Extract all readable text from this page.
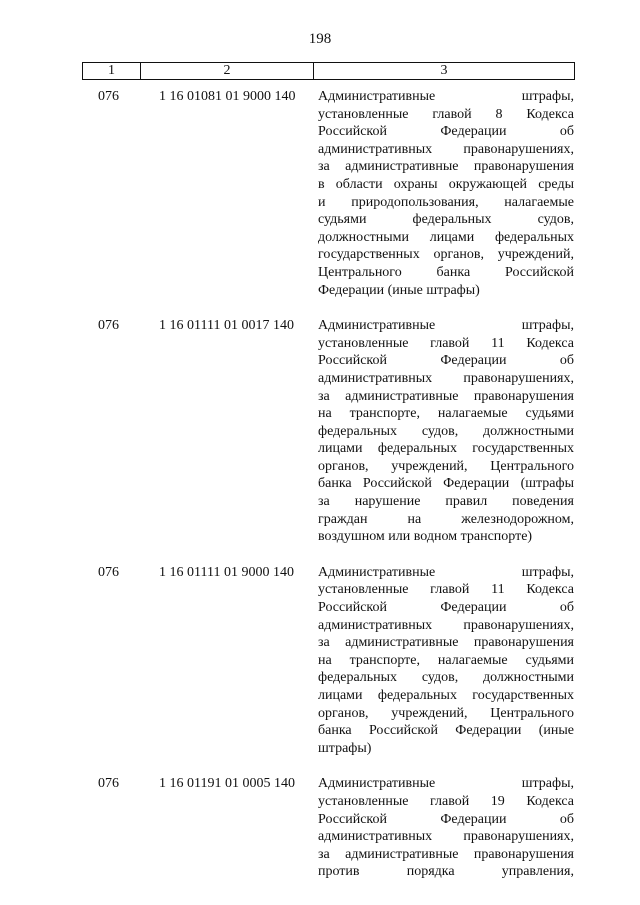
198
1	2	3
076	1 16 01081 01 9000 140 Административные штрафы,
установленные главой 8 Кодекса
Российской Федерации об
административных правонарушениях,
за административные правонарушения
в области охраны окружающей среды
и природопользования, налагаемые
судьями федеральных судов,
должностными лицами федеральных
государственных органов, учреждений,
Центрального банка Российской
Федерации (иные штрафы)
076	1 16 01111 01 0017 140 Административные штрафы,
установленные главой 11 Кодекса
Российской Федерации об
административных правонарушениях,
за административные правонарушения
на транспорте, налагаемые судьями
федеральных судов, должностными
лицами федеральных государственных
органов, учреждений, Центрального
банка Российской Федерации (штрафы
за нарушение правил поведения
граждан на железнодорожном,
воздушном или водном транспорте)
076	1 16 01111 01 9000 140 Административные штрафы,
установленные главой 11 Кодекса
Российской Федерации об
административных правонарушениях,
за административные правонарушения
на транспорте, налагаемые судьями
федеральных судов, должностными
лицами федеральных государственных
органов, учреждений, Центрального
банка Российской Федерации (иные
штрафы)
076	1 16 01191 01 0005 140 Административные штрафы,
установленные главой 19 Кодекса
Российской Федерации об
административных правонарушениях,
за административные правонарушения
против порядка управления,
